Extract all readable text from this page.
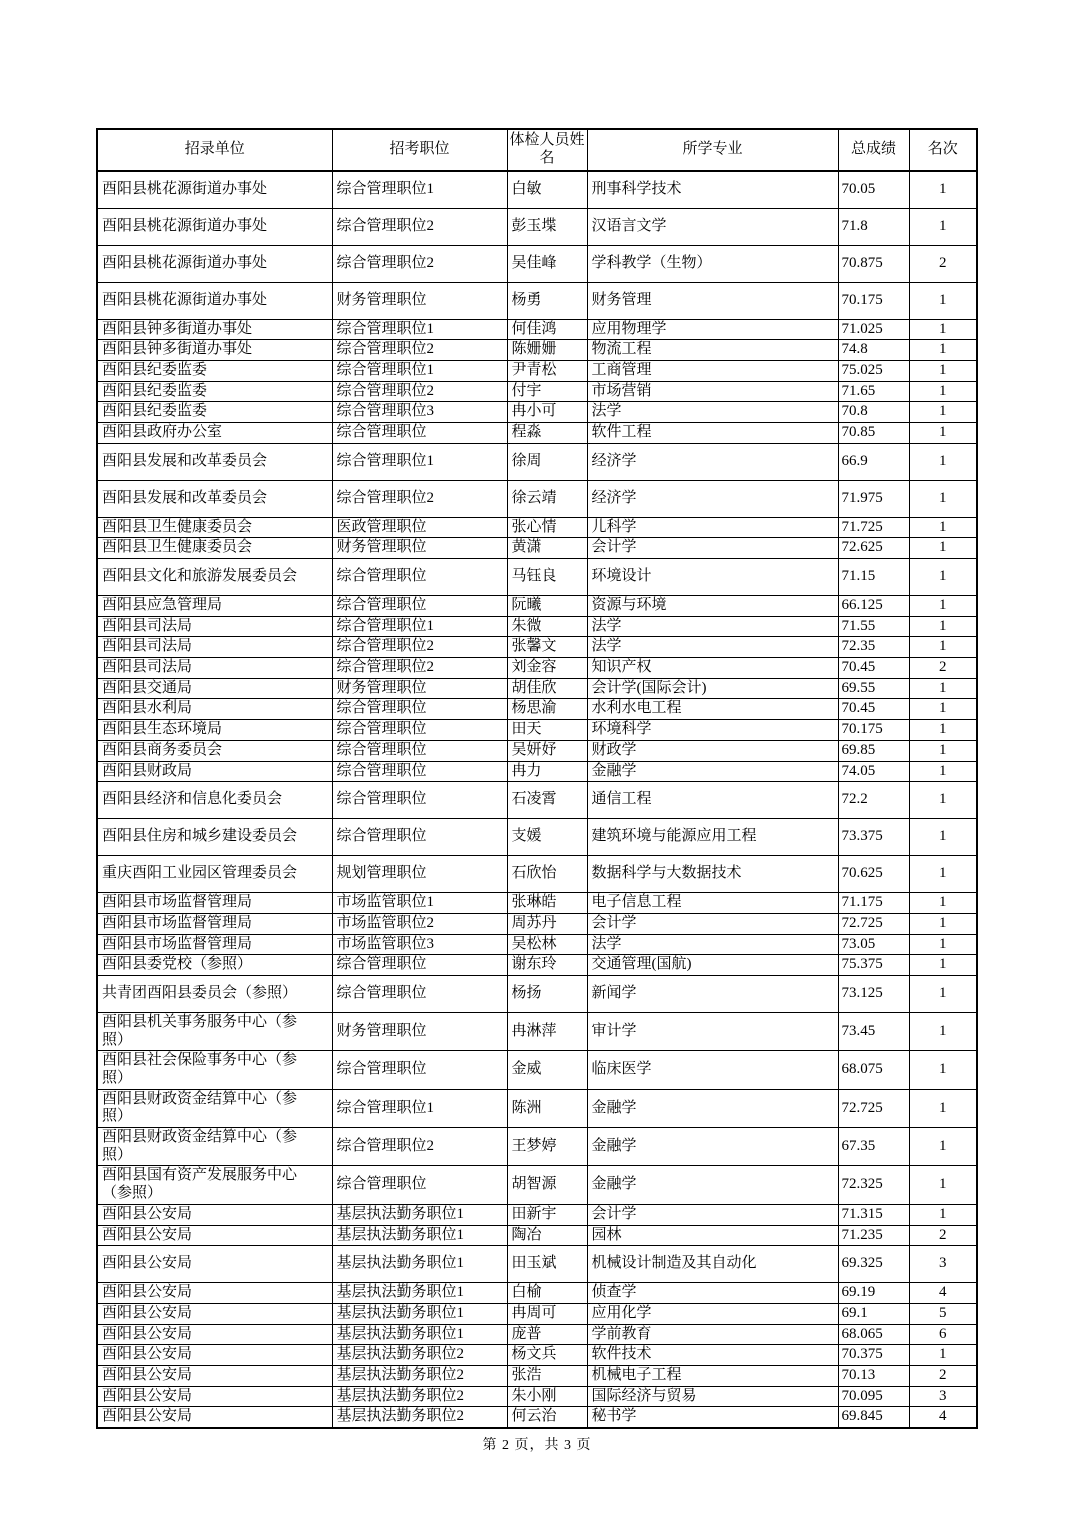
招录单位	招考职位	体检人员姓名	所学专业	总成绩	名次
酉阳县桃花源街道办事处	综合管理职位1	白敏	刑事科学技术	70.05	1
酉阳县桃花源街道办事处	综合管理职位2	彭玉堞	汉语言文学	71.8	1
酉阳县桃花源街道办事处	综合管理职位2	吴佳峰	学科教学（生物）	70.875	2
酉阳县桃花源街道办事处	财务管理职位	杨勇	财务管理	70.175	1
酉阳县钟多街道办事处	综合管理职位1	何佳鸿	应用物理学	71.025	1
酉阳县钟多街道办事处	综合管理职位2	陈姗姗	物流工程	74.8	1
酉阳县纪委监委	综合管理职位1	尹青松	工商管理	75.025	1
酉阳县纪委监委	综合管理职位2	付宇	市场营销	71.65	1
酉阳县纪委监委	综合管理职位3	冉小可	法学	70.8	1
酉阳县政府办公室	综合管理职位	程淼	软件工程	70.85	1
酉阳县发展和改革委员会	综合管理职位1	徐周	经济学	66.9	1
酉阳县发展和改革委员会	综合管理职位2	徐云靖	经济学	71.975	1
酉阳县卫生健康委员会	医政管理职位	张心情	儿科学	71.725	1
酉阳县卫生健康委员会	财务管理职位	黄潇	会计学	72.625	1
酉阳县文化和旅游发展委员会	综合管理职位	马钰良	环境设计	71.15	1
酉阳县应急管理局	综合管理职位	阮曦	资源与环境	66.125	1
酉阳县司法局	综合管理职位1	朱微	法学	71.55	1
酉阳县司法局	综合管理职位2	张馨文	法学	72.35	1
酉阳县司法局	综合管理职位2	刘金容	知识产权	70.45	2
酉阳县交通局	财务管理职位	胡佳欣	会计学(国际会计)	69.55	1
酉阳县水利局	综合管理职位	杨思渝	水利水电工程	70.45	1
酉阳县生态环境局	综合管理职位	田天	环境科学	70.175	1
酉阳县商务委员会	综合管理职位	吴妍妤	财政学	69.85	1
酉阳县财政局	综合管理职位	冉力	金融学	74.05	1
酉阳县经济和信息化委员会	综合管理职位	石凌霄	通信工程	72.2	1
酉阳县住房和城乡建设委员会	综合管理职位	支媛	建筑环境与能源应用工程	73.375	1
重庆酉阳工业园区管理委员会	规划管理职位	石欣怡	数据科学与大数据技术	70.625	1
酉阳县市场监督管理局	市场监管职位1	张琳皓	电子信息工程	71.175	1
酉阳县市场监督管理局	市场监管职位2	周苏丹	会计学	72.725	1
酉阳县市场监督管理局	市场监管职位3	吴松林	法学	73.05	1
酉阳县委党校（参照）	综合管理职位	谢东玲	交通管理(国航)	75.375	1
共青团酉阳县委员会（参照）	综合管理职位	杨扬	新闻学	73.125	1
酉阳县机关事务服务中心（参照）	财务管理职位	冉淋萍	审计学	73.45	1
酉阳县社会保险事务中心（参照）	综合管理职位	金威	临床医学	68.075	1
酉阳县财政资金结算中心（参照）	综合管理职位1	陈洲	金融学	72.725	1
酉阳县财政资金结算中心（参照）	综合管理职位2	王梦婷	金融学	67.35	1
酉阳县国有资产发展服务中心（参照）	综合管理职位	胡智源	金融学	72.325	1
酉阳县公安局	基层执法勤务职位1	田新宇	会计学	71.315	1
酉阳县公安局	基层执法勤务职位1	陶冶	园林	71.235	2
酉阳县公安局	基层执法勤务职位1	田玉斌	机械设计制造及其自动化	69.325	3
酉阳县公安局	基层执法勤务职位1	白榆	侦查学	69.19	4
酉阳县公安局	基层执法勤务职位1	冉周可	应用化学	69.1	5
酉阳县公安局	基层执法勤务职位1	庞普	学前教育	68.065	6
酉阳县公安局	基层执法勤务职位2	杨文兵	软件技术	70.375	1
酉阳县公安局	基层执法勤务职位2	张浩	机械电子工程	70.13	2
酉阳县公安局	基层执法勤务职位2	朱小刚	国际经济与贸易	70.095	3
酉阳县公安局	基层执法勤务职位2	何云治	秘书学	69.845	4
第 2 页，共 3 页
